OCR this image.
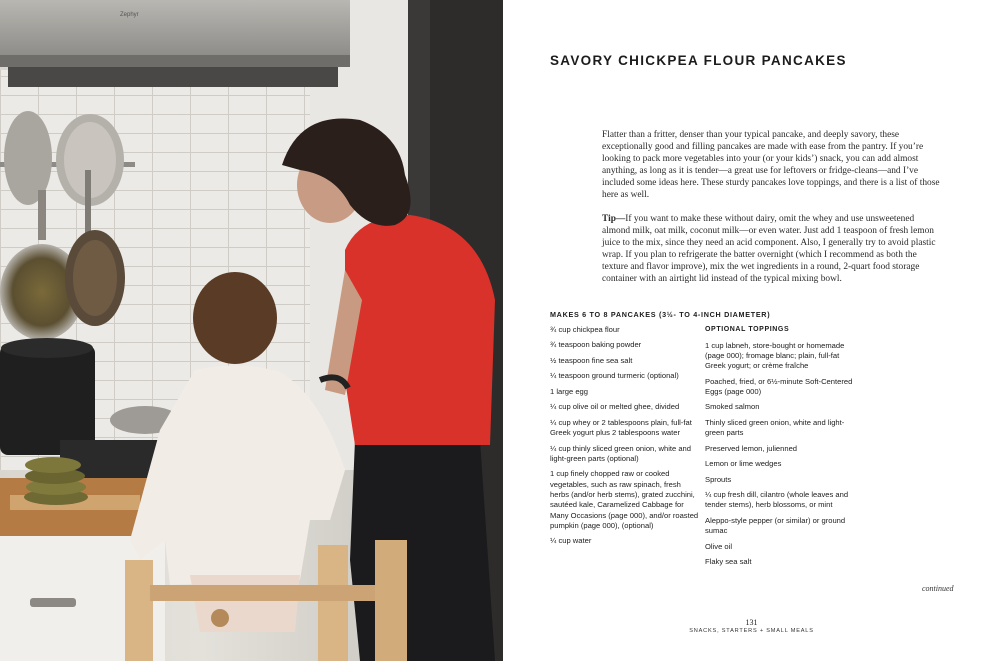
Zephyr
SAVORY CHICKPEA FLOUR PANCAKES

Flatter than a fritter, denser than your typical pancake, and deeply savory, these exceptionally good and filling pancakes are made with ease from the pantry. If you’re looking to pack more vegetables into your (or your kids’) snack, you can add almost anything, as long as it is tender—a great use for leftovers or fridge-cleans—and I’ve included some ideas here. These sturdy pancakes love toppings, and there is a list of those here as well.

Tip—If you want to make these without dairy, omit the whey and use unsweetened almond milk, oat milk, coconut milk—or even water. Just add 1 teaspoon of fresh lemon juice to the mix, since they need an acid component. Also, I generally try to avoid plastic wrap. If you plan to refrigerate the batter overnight (which I recommend as both the texture and flavor improve), mix the wet ingredients in a round, 2-quart food storage container with an airtight lid instead of the typical mixing bowl.

MAKES 6 TO 8 PANCAKES (3½- TO 4-INCH DIAMETER)

¾ cup chickpea flour
¾ teaspoon baking powder
½ teaspoon fine sea salt
¼ teaspoon ground turmeric (optional)
1 large egg
¼ cup olive oil or melted ghee, divided
¼ cup whey or 2 tablespoons plain, full-fat Greek yogurt plus 2 tablespoons water
¼ cup thinly sliced green onion, white and light-green parts (optional)
1 cup finely chopped raw or cooked vegetables, such as raw spinach, fresh herbs (and/or herb stems), grated zucchini, sautéed kale, Caramelized Cabbage for Many Occasions (page 000), and/or roasted pumpkin (page 000), (optional)
¼ cup water
OPTIONAL TOPPINGS
1 cup labneh, store-bought or homemade (page 000); fromage blanc; plain, full-fat Greek yogurt; or crème fraîche
Poached, fried, or 6½-minute Soft-Centered Eggs (page 000)
Smoked salmon
Thinly sliced green onion, white and light-green parts
Preserved lemon, julienned
Lemon or lime wedges
Sprouts
¼ cup fresh dill, cilantro (whole leaves and tender stems), herb blossoms, or mint
Aleppo-style pepper (or similar) or ground sumac
Olive oil
Flaky sea salt

continued

131

SNACKS, STARTERS + SMALL MEALS
